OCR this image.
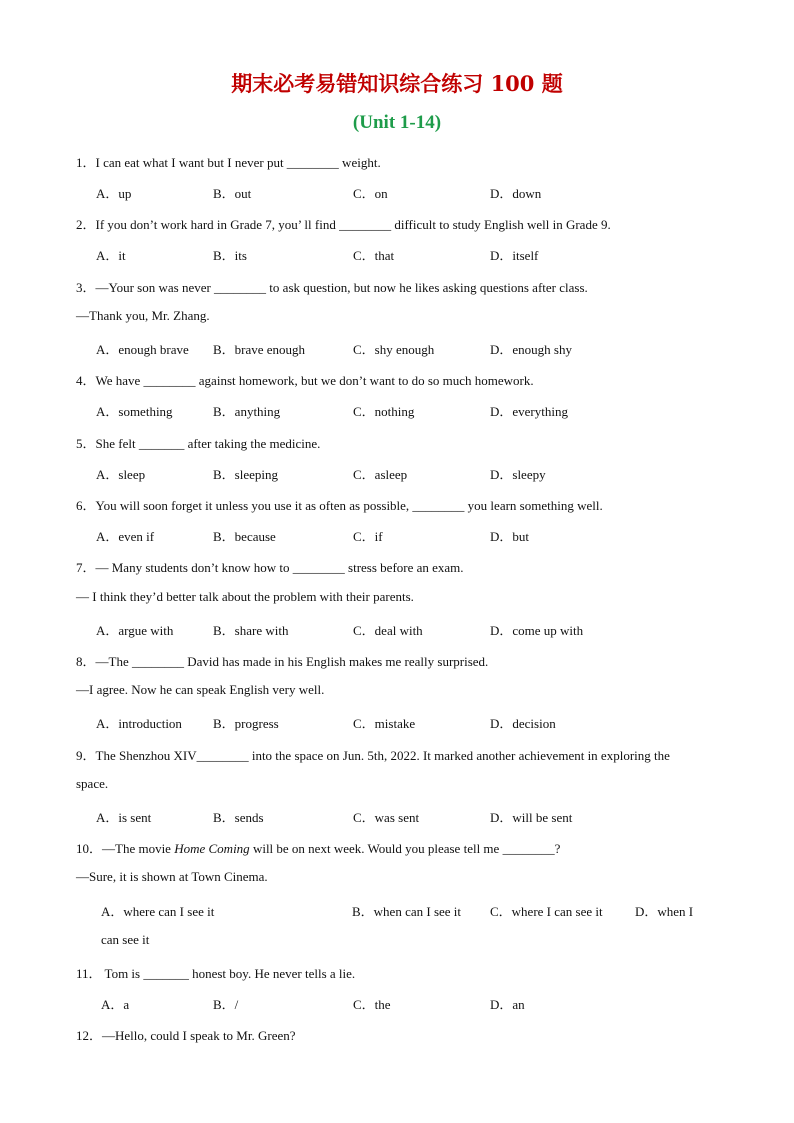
期末必考易错知识综合练习 100 题
(Unit 1-14)
1．I can eat what I want but I never put ________ weight.
A．up	B．out	C．on	D．down
2．If you don’t work hard in Grade 7, you’ ll find ________ difficult to study English well in Grade 9.
A．it	B．its	C．that	D．itself
3．—Your son was never ________ to ask question, but now he likes asking questions after class.
—Thank you, Mr. Zhang.
A．enough brave B．brave enough	C．shy enough	D．enough shy
4．We have ________ against homework, but we don’t want to do so much homework.
A．something	B．anything	C．nothing	D．everything
5．She felt _______ after taking the medicine.
A．sleep	B．sleeping	C．asleep	D．sleepy
6．You will soon forget it unless you use it as often as possible, ________ you learn something well.
A．even if	B．because	C．if	D．but
7．— Many students don’t know how to ________ stress before an exam.
— I think they’d better talk about the problem with their parents.
A．argue with	B．share with	C．deal with	D．come up with
8．—The ________ David has made in his English makes me really surprised.
—I agree. Now he can speak English very well.
A．introduction B．progress	C．mistake	D．decision
9．The Shenzhou XIV________ into the space on Jun. 5th, 2022. It marked another achievement in exploring the
space.
A．is sent	B．sends	C．was sent	D．will be sent
10．—The movie Home Coming will be on next week. Would you please tell me ________?
—Sure, it is shown at Town Cinema.
A．where can I see it	B．when can I see it C．where I can see it D．when I
can see it
11． Tom is _______ honest boy. He never tells a lie.
A．a	B．/	C．the	D．an
12．—Hello, could I speak to Mr. Green?
